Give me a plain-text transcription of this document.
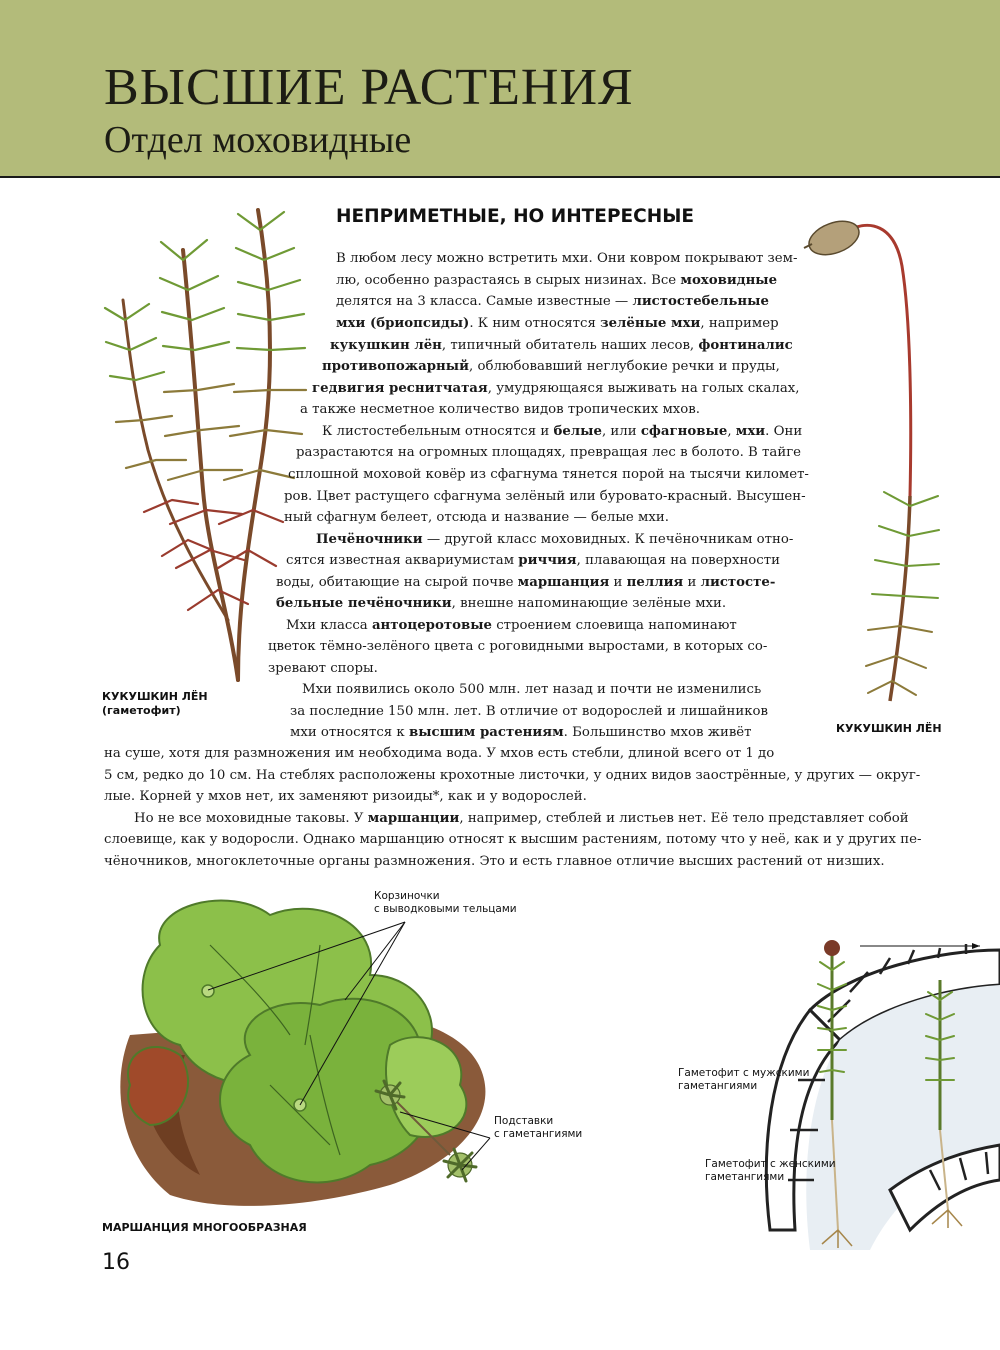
ВЫСШИЕ РАСТЕНИЯ
Отдел моховидные
НЕПРИМЕТНЫЕ, НО ИНТЕРЕСНЫЕ
В любом лесу можно встретить мхи. Они ковром покрывают зем-
лю, особенно разрастаясь в сырых низинах. Все моховидные
делятся на 3 класса. Самые известные — листостебельные
мхи (бриопсиды). К ним относятся зелёные мхи, например
кукушкин лён, типичный обитатель наших лесов, фонтиналис
противопожарный, облюбовавший неглубокие речки и пруды,
гедвигия реснитчатая, умудряющаяся выживать на голых скалах,
а также несметное количество видов тропических мхов.
К листостебельным относятся и белые, или сфагновые, мхи. Они
разрастаются на огромных площадях, превращая лес в болото. В тайге
сплошной моховой ковёр из сфагнума тянется порой на тысячи километ-
ров. Цвет растущего сфагнума зелёный или буровато-красный. Высушен-
ный сфагнум белеет, отсюда и название — белые мхи.
Печёночники — другой класс моховидных. К печёночникам отно-
сятся известная аквариумистам риччия, плавающая на поверхности
воды, обитающие на сырой почве маршанция и пеллия и листосте-
бельные печёночники, внешне напоминающие зелёные мхи.
Мхи класса антоцеротовые строением слоевища напоминают
цветок тёмно-зелёного цвета с роговидными выростами, в которых со-
зревают споры.
Мхи появились около 500 млн. лет назад и почти не изменились
за последние 150 млн. лет. В отличие от водорослей и лишайников
мхи относятся к высшим растениям. Большинство мхов живёт
на суше, хотя для размножения им необходима вода. У мхов есть стебли, длиной всего от 1 до
5 см, редко до 10 см. На стеблях расположены крохотные листочки, у одних видов заострённые, у других — округ-
лые. Корней у мхов нет, их заменяют ризоиды*, как и у водорослей.
Но не все моховидные таковы. У маршанции, например, стеблей и листьев нет. Её тело представляет собой
слоевище, как у водоросли. Однако маршанцию относят к высшим растениям, потому что у неё, как и у других пе-
чёночников, многоклеточные органы размножения. Это и есть главное отличие высших растений от низших.
КУКУШКИН ЛЁН
(гаметофит)
КУКУШКИН ЛЁН
Корзиночки
с выводковыми тельцами
Подставки
с гаметангиями
МАРШАНЦИЯ МНОГООБРАЗНАЯ
Гаметофит с мужскими
гаметангиями
Гаметофит с женскими
гаметангиями
16
